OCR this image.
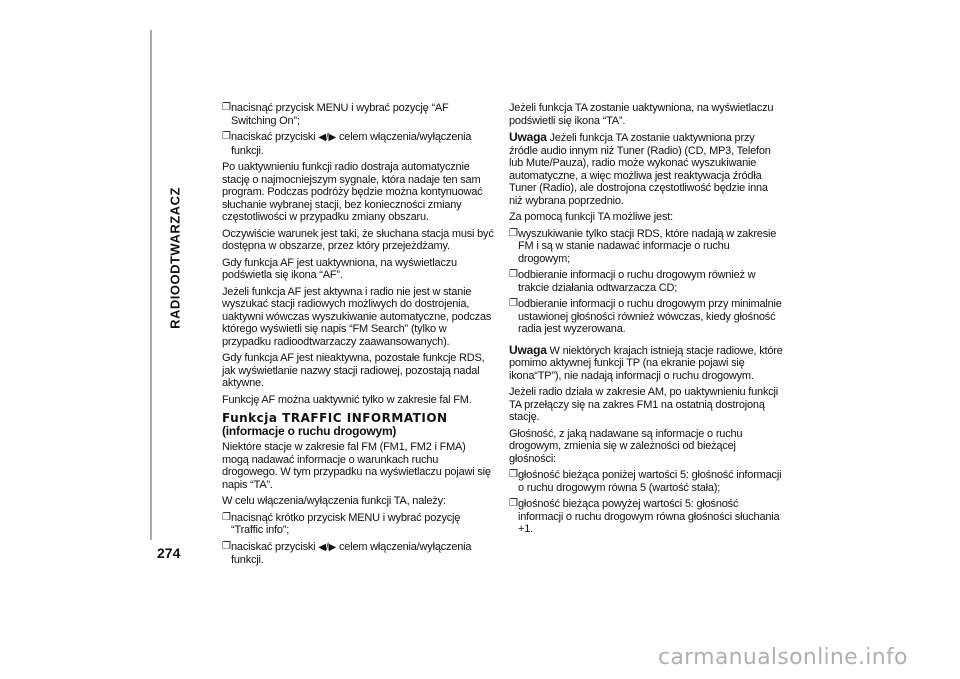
RADIOODTWARZACZ
274
❐ nacisnąć przycisk MENU i wybrać pozycję “AF Switching On”;
❐ naciskać przyciski ◀/▶ celem włączenia/wyłączenia funkcji.

Po uaktywnieniu funkcji radio dostraja automatycznie stację o najmocniejszym sygnale, która nadaje ten sam program. Podczas podróży będzie można kontynuować słuchanie wybranej stacji, bez konieczności zmiany częstotliwości w przypadku zmiany obszaru.

Oczywiście warunek jest taki, że słuchana stacja musi być dostępna w obszarze, przez który przejeżdżamy.

Gdy funkcja AF jest uaktywniona, na wyświetlaczu podświetla się ikona “AF”.

Jeżeli funkcja AF jest aktywna i radio nie jest w stanie wyszukać stacji radiowych możliwych do dostrojenia, uaktywni wówczas wyszukiwanie automatyczne, podczas którego wyświetli się napis “FM Search” (tylko w przypadku radioodtwarzaczy zaawansowanych).

Gdy funkcja AF jest nieaktywna, pozostałe funkcje RDS, jak wyświetlanie nazwy stacji radiowej, pozostają nadal aktywne.

Funkcję AF można uaktywnić tylko w zakresie fal FM.

Funkcja TRAFFIC INFORMATION
(informacje o ruchu drogowym)

Niektóre stacje w zakresie fal FM (FM1, FM2 i FMA) mogą nadawać informacje o warunkach ruchu drogowego. W tym przypadku na wyświetlaczu pojawi się napis “TA”.

W celu włączenia/wyłączenia funkcji TA, należy:

❐ nacisnąć krótko przycisk MENU i wybrać pozycję “Traffic info”;
❐ naciskać przyciski ◀/▶ celem włączenia/wyłączenia funkcji.

Jeżeli funkcja TA zostanie uaktywniona, na wyświetlaczu podświetli się ikona “TA”.

Uwaga Jeżeli funkcja TA zostanie uaktywniona przy źródle audio innym niż Tuner (Radio) (CD, MP3, Telefon lub Mute/Pauza), radio może wykonać wyszukiwanie automatyczne, a więc możliwa jest reaktywacja źródła Tuner (Radio), ale dostrojona częstotliwość będzie inna niż wybrana poprzednio.

Za pomocą funkcji TA możliwe jest:

❐ wyszukiwanie tylko stacji RDS, które nadają w zakresie FM i są w stanie nadawać informacje o ruchu drogowym;
❐ odbieranie informacji o ruchu drogowym również w trakcie działania odtwarzacza CD;
❐ odbieranie informacji o ruchu drogowym przy minimalnie ustawionej głośności również wówczas, kiedy głośność radia jest wyzerowana.

Uwaga W niektórych krajach istnieją stacje radiowe, które pomimo aktywnej funkcji TP (na ekranie pojawi się ikona“TP”), nie nadają informacji o ruchu drogowym.

Jeżeli radio działa w zakresie AM, po uaktywnieniu funkcji TA przełączy się na zakres FM1 na ostatnią dostrojoną stację.

Głośność, z jaką nadawane są informacje o ruchu drogowym, zmienia się w zależności od bieżącej głośności:

❐ głośność bieżąca poniżej wartości 5: głośność informacji o ruchu drogowym równa 5 (wartość stała);
❐ głośność bieżąca powyżej wartości 5: głośność informacji o ruchu drogowym równa głośności słuchania +1.
carmanualsonline.info
